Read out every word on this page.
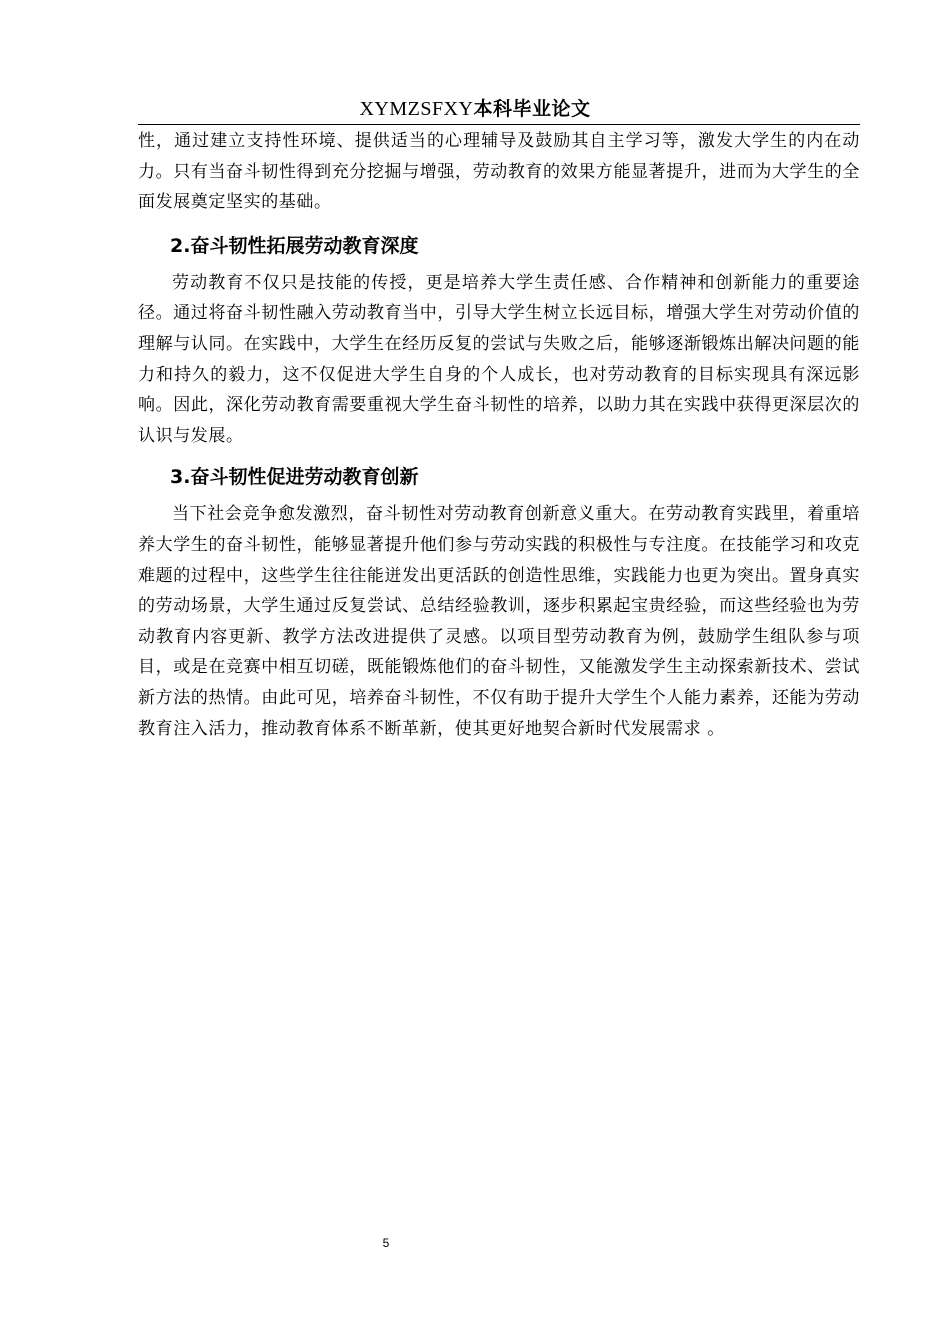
XYMZSFXY本科毕业论文

性，通过建立支持性环境、提供适当的心理辅导及鼓励其自主学习等，激发大学生的内在动力。只有当奋斗韧性得到充分挖掘与增强，劳动教育的效果方能显著提升，进而为大学生的全面发展奠定坚实的基础。

2.奋斗韧性拓展劳动教育深度

劳动教育不仅只是技能的传授，更是培养大学生责任感、合作精神和创新能力的重要途径。通过将奋斗韧性融入劳动教育当中，引导大学生树立长远目标，增强大学生对劳动价值的理解与认同。在实践中，大学生在经历反复的尝试与失败之后，能够逐渐锻炼出解决问题的能力和持久的毅力，这不仅促进大学生自身的个人成长，也对劳动教育的目标实现具有深远影响。因此，深化劳动教育需要重视大学生奋斗韧性的培养，以助力其在实践中获得更深层次的认识与发展。

3.奋斗韧性促进劳动教育创新

当下社会竞争愈发激烈，奋斗韧性对劳动教育创新意义重大。在劳动教育实践里，着重培养大学生的奋斗韧性，能够显著提升他们参与劳动实践的积极性与专注度。在技能学习和攻克难题的过程中，这些学生往往能迸发出更活跃的创造性思维，实践能力也更为突出。置身真实的劳动场景，大学生通过反复尝试、总结经验教训，逐步积累起宝贵经验，而这些经验也为劳动教育内容更新、教学方法改进提供了灵感。以项目型劳动教育为例，鼓励学生组队参与项目，或是在竞赛中相互切磋，既能锻炼他们的奋斗韧性，又能激发学生主动探索新技术、尝试新方法的热情。由此可见，培养奋斗韧性，不仅有助于提升大学生个人能力素养，还能为劳动教育注入活力，推动教育体系不断革新，使其更好地契合新时代发展需求 。

5
